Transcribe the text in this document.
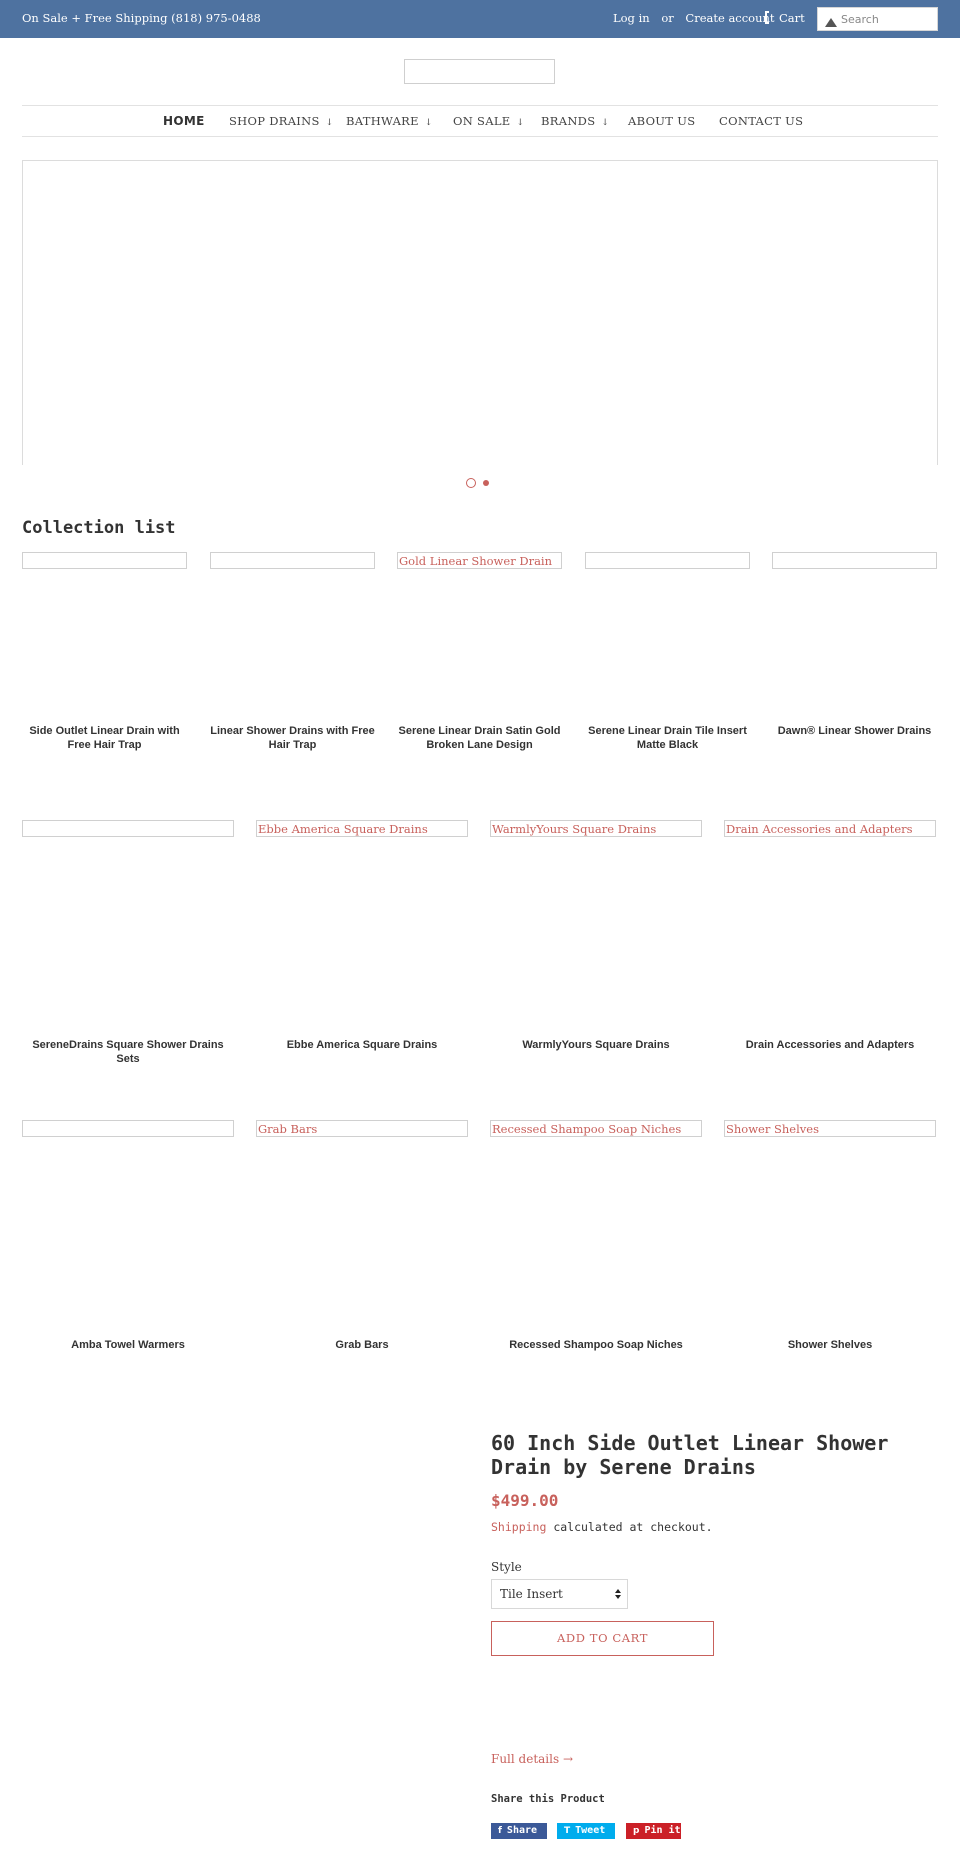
On Sale + Free Shipping (818) 975-0488	Log in or Create account Cart
Search
HOME SHOP DRAINS ↓ BATHWARE ↓ ON SALE ↓ BRANDS ↓ ABOUT US CONTACT US
Collection list
Side Outlet Linear Drain with Free Hair Trap
Linear Shower Drains with Free Hair Trap
Gold Linear Shower Drain
Serene Linear Drain Satin Gold Broken Lane Design
Serene Linear Drain Tile Insert Matte Black
Dawn® Linear Shower Drains
SereneDrains Square Shower Drains Sets
Ebbe America Square Drains
Ebbe America Square Drains
WarmlyYours Square Drains
WarmlyYours Square Drains
Drain Accessories and Adapters
Drain Accessories and Adapters
Amba Towel Warmers
Grab Bars
Grab Bars
Recessed Shampoo Soap Niches
Recessed Shampoo Soap Niches
Shower Shelves
Shower Shelves
60 Inch Side Outlet Linear Shower Drain by Serene Drains
$499.00
Shipping calculated at checkout.
Style
Tile Insert
ADD TO CART
Full details →
Share this Product
f Share	T Tweet	p Pin it
